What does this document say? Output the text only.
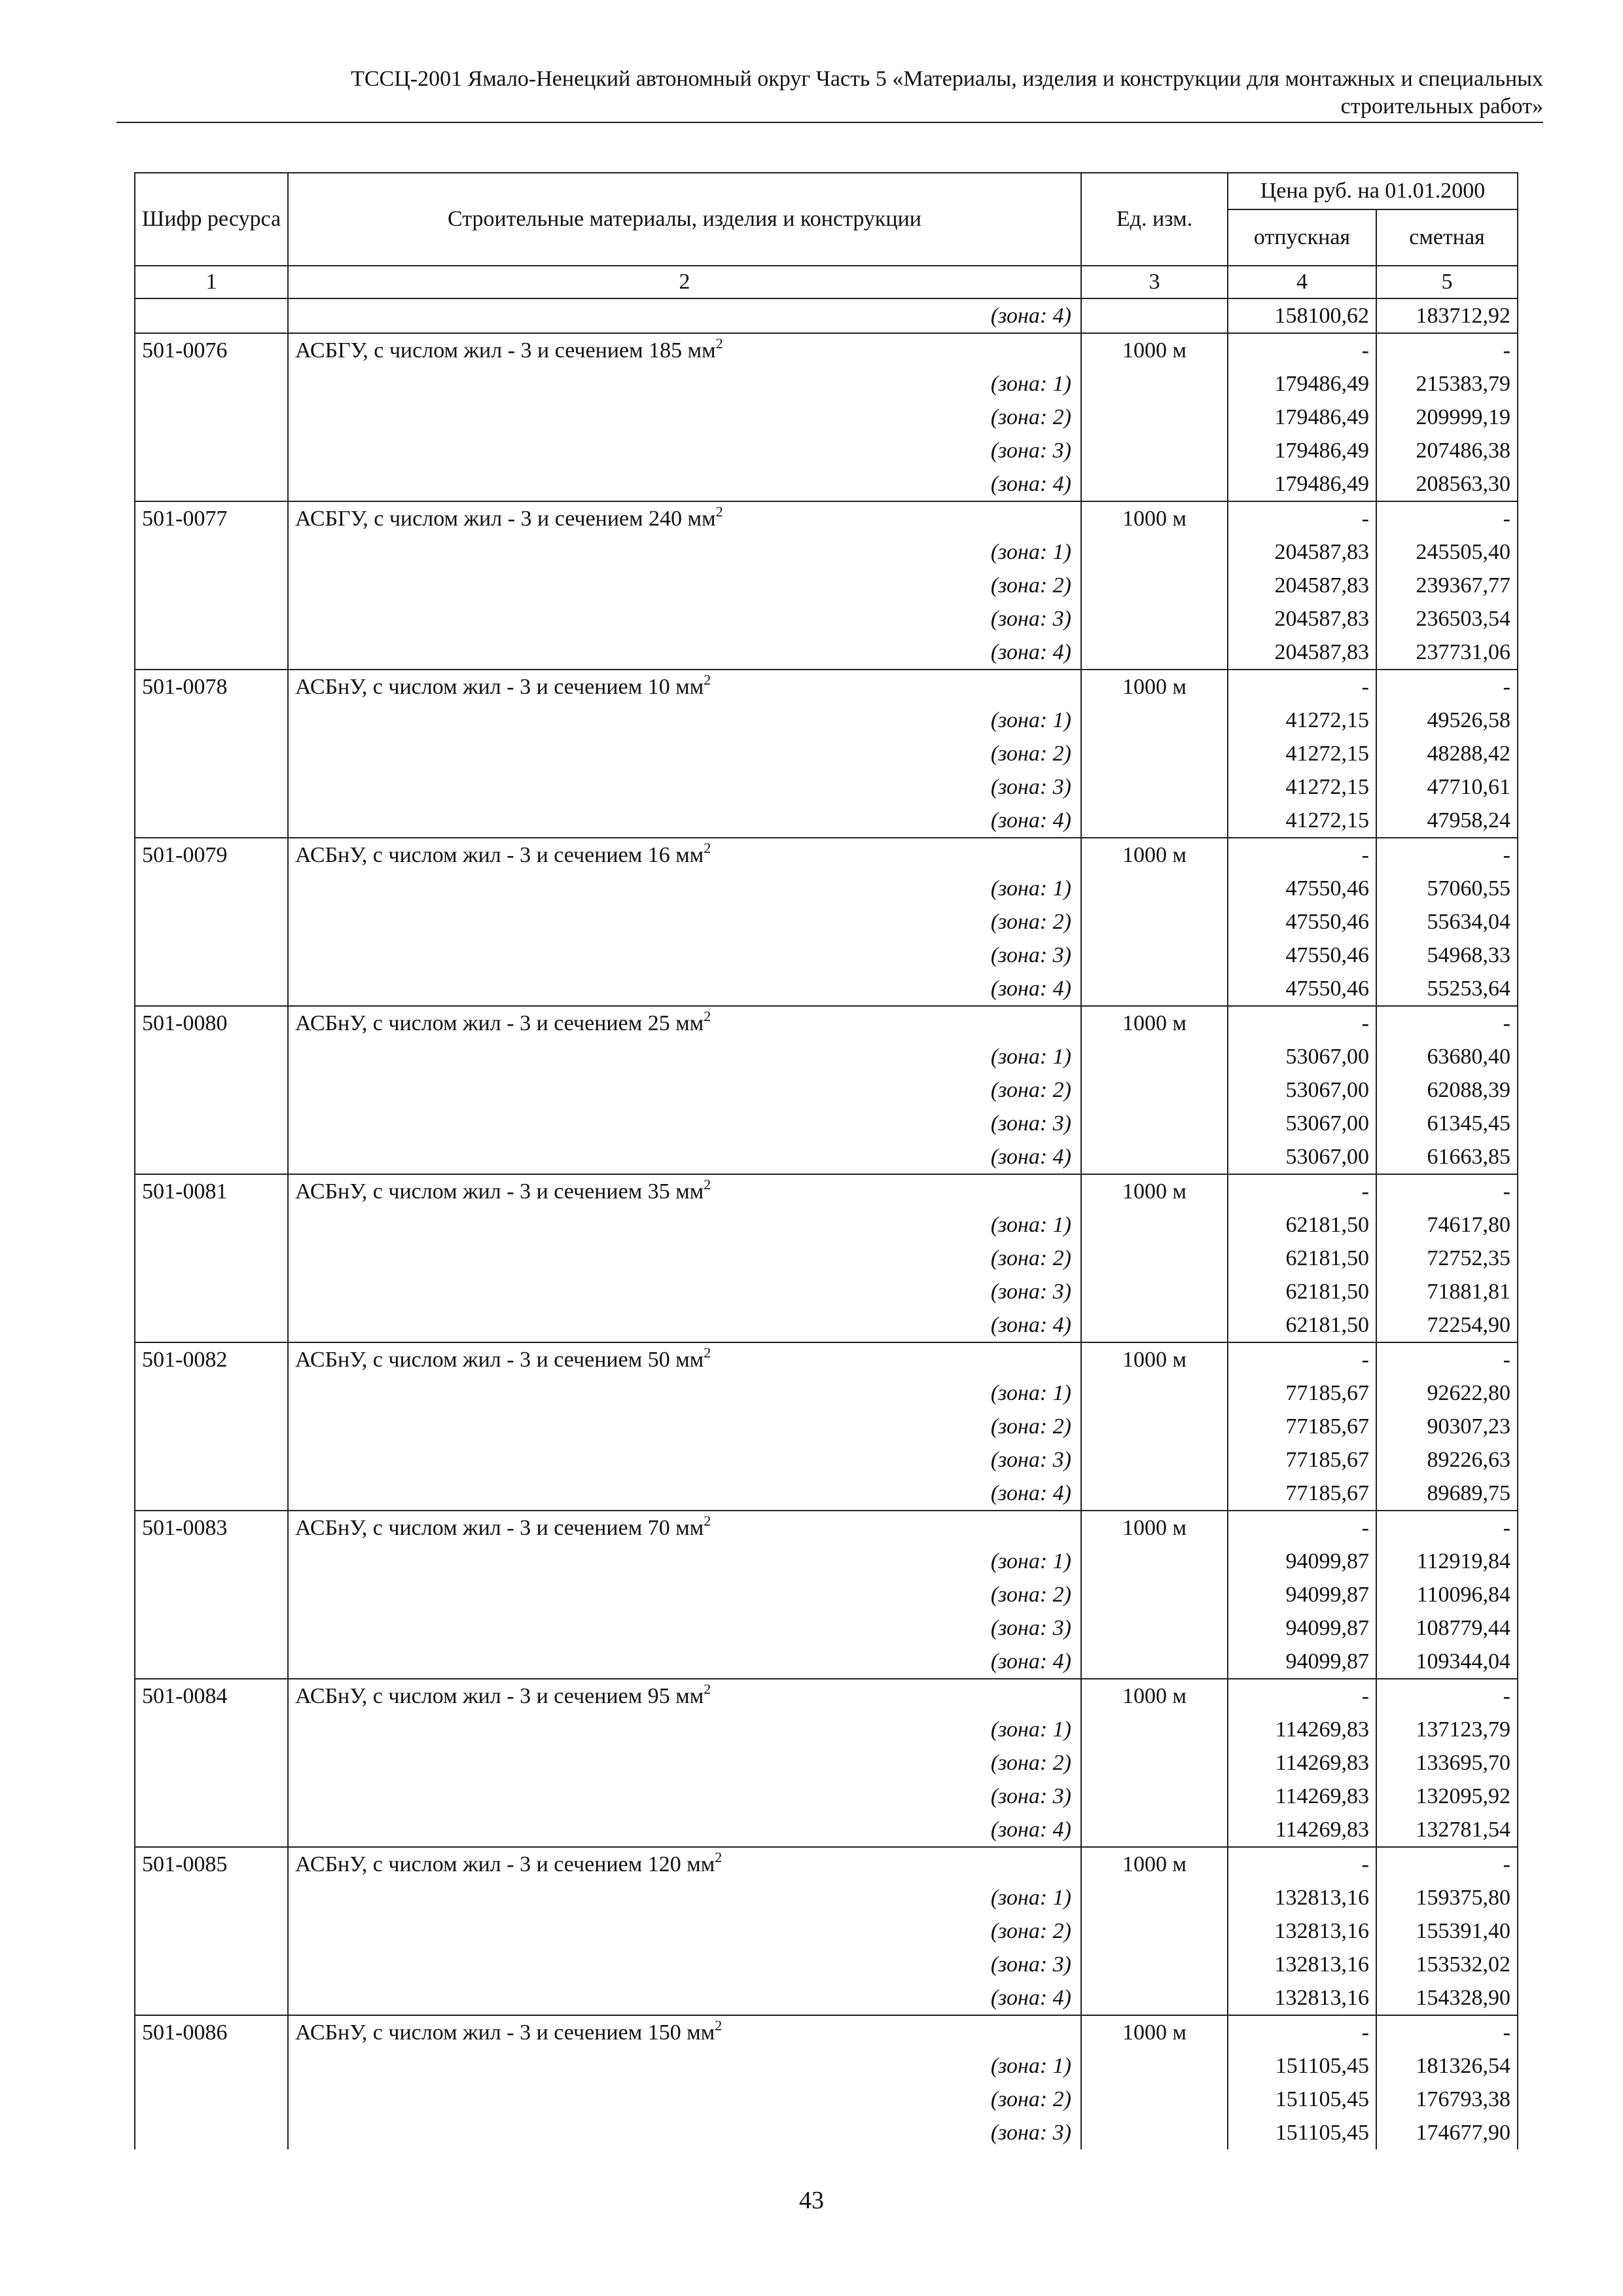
ТССЦ-2001 Ямало-Ненецкий автономный округ Часть 5 «Материалы, изделия и конструкции для монтажных и специальных
строительных работ»
Шифр ресурса	Строительные материалы, изделия и конструкции	Ед. изм.	Цена руб. на 01.01.2000	
			отпускная	сметная
1	2	3	4	5
	(зона: 4)		158100,62	183712,92
501-0076	АСБГУ, с числом жил - 3 и сечением 185 $мм^2$	1000 м	-	-
	(зона: 1)		179486,49	215383,79
	(зона: 2)		179486,49	209999,19
	(зона: 3)		179486,49	207486,38
	(зона: 4)		179486,49	208563,30
501-0077	АСБГУ, с числом жил - 3 и сечением 240 $мм^2$	1000 м	-	-
	(зона: 1)		204587,83	245505,40
	(зона: 2)		204587,83	239367,77
	(зона: 3)		204587,83	236503,54
	(зона: 4)		204587,83	237731,06
501-0078	АСБнУ, с числом жил - 3 и сечением 10 $мм^2$	1000 м	-	-
	(зона: 1)		41272,15	49526,58
	(зона: 2)		41272,15	48288,42
	(зона: 3)		41272,15	47710,61
	(зона: 4)		41272,15	47958,24
501-0079	АСБнУ, с числом жил - 3 и сечением 16 $мм^2$	1000 м	-	-
	(зона: 1)		47550,46	57060,55
	(зона: 2)		47550,46	55634,04
	(зона: 3)		47550,46	54968,33
	(зона: 4)		47550,46	55253,64
501-0080	АСБнУ, с числом жил - 3 и сечением 25 $мм^2$	1000 м	-	-
	(зона: 1)		53067,00	63680,40
	(зона: 2)		53067,00	62088,39
	(зона: 3)		53067,00	61345,45
	(зона: 4)		53067,00	61663,85
501-0081	АСБнУ, с числом жил - 3 и сечением 35 $мм^2$	1000 м	-	-
	(зона: 1)		62181,50	74617,80
	(зона: 2)		62181,50	72752,35
	(зона: 3)		62181,50	71881,81
	(зона: 4)		62181,50	72254,90
501-0082	АСБнУ, с числом жил - 3 и сечением 50 $мм^2$	1000 м	-	-
	(зона: 1)		77185,67	92622,80
	(зона: 2)		77185,67	90307,23
	(зона: 3)		77185,67	89226,63
	(зона: 4)		77185,67	89689,75
501-0083	АСБнУ, с числом жил - 3 и сечением 70 $мм^2$	1000 м	-	-
	(зона: 1)		94099,87	112919,84
	(зона: 2)		94099,87	110096,84
	(зона: 3)		94099,87	108779,44
	(зона: 4)		94099,87	109344,04
501-0084	АСБнУ, с числом жил - 3 и сечением 95 $мм^2$	1000 м	-	-
	(зона: 1)		114269,83	137123,79
	(зона: 2)		114269,83	133695,70
	(зона: 3)		114269,83	132095,92
	(зона: 4)		114269,83	132781,54
501-0085	АСБнУ, с числом жил - 3 и сечением 120 $мм^2$	1000 м	-	-
	(зона: 1)		132813,16	159375,80
	(зона: 2)		132813,16	155391,40
	(зона: 3)		132813,16	153532,02
	(зона: 4)		132813,16	154328,90
501-0086	АСБнУ, с числом жил - 3 и сечением 150 $мм^2$	1000 м	-	-
	(зона: 1)		151105,45	181326,54
	(зона: 2)		151105,45	176793,38
	(зона: 3)		151105,45	174677,90
43
